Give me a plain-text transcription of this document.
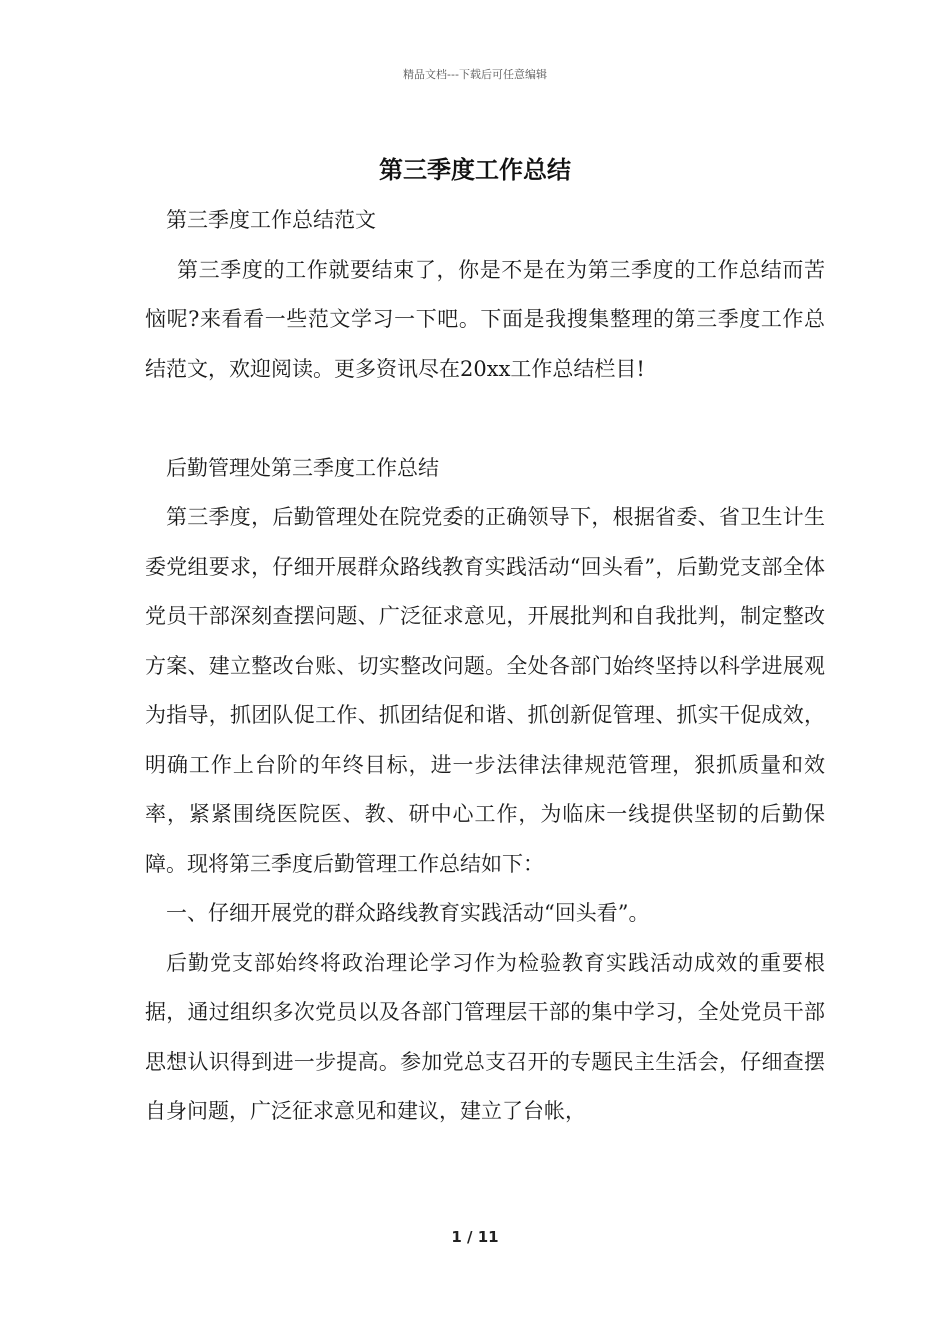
精品文档---下载后可任意编辑
第三季度工作总结

第三季度工作总结范文

第三季度的工作就要结束了，你是不是在为第三季度的工作总结而苦恼呢?来看看一些范文学习一下吧。下面是我搜集整理的第三季度工作总结范文，欢迎阅读。更多资讯尽在20xx工作总结栏目!

后勤管理处第三季度工作总结

第三季度，后勤管理处在院党委的正确领导下，根据省委、省卫生计生委党组要求，仔细开展群众路线教育实践活动“回头看”，后勤党支部全体党员干部深刻查摆问题、广泛征求意见，开展批判和自我批判，制定整改方案、建立整改台账、切实整改问题。全处各部门始终坚持以科学进展观为指导，抓团队促工作、抓团结促和谐、抓创新促管理、抓实干促成效，明确工作上台阶的年终目标，进一步法律法律规范管理，狠抓质量和效率，紧紧围绕医院医、教、研中心工作，为临床一线提供坚韧的后勤保障。现将第三季度后勤管理工作总结如下：

一、仔细开展党的群众路线教育实践活动“回头看”。

后勤党支部始终将政治理论学习作为检验教育实践活动成效的重要根据，通过组织多次党员以及各部门管理层干部的集中学习，全处党员干部思想认识得到进一步提高。参加党总支召开的专题民主生活会，仔细查摆自身问题，广泛征求意见和建议，建立了台帐，

1 / 11
